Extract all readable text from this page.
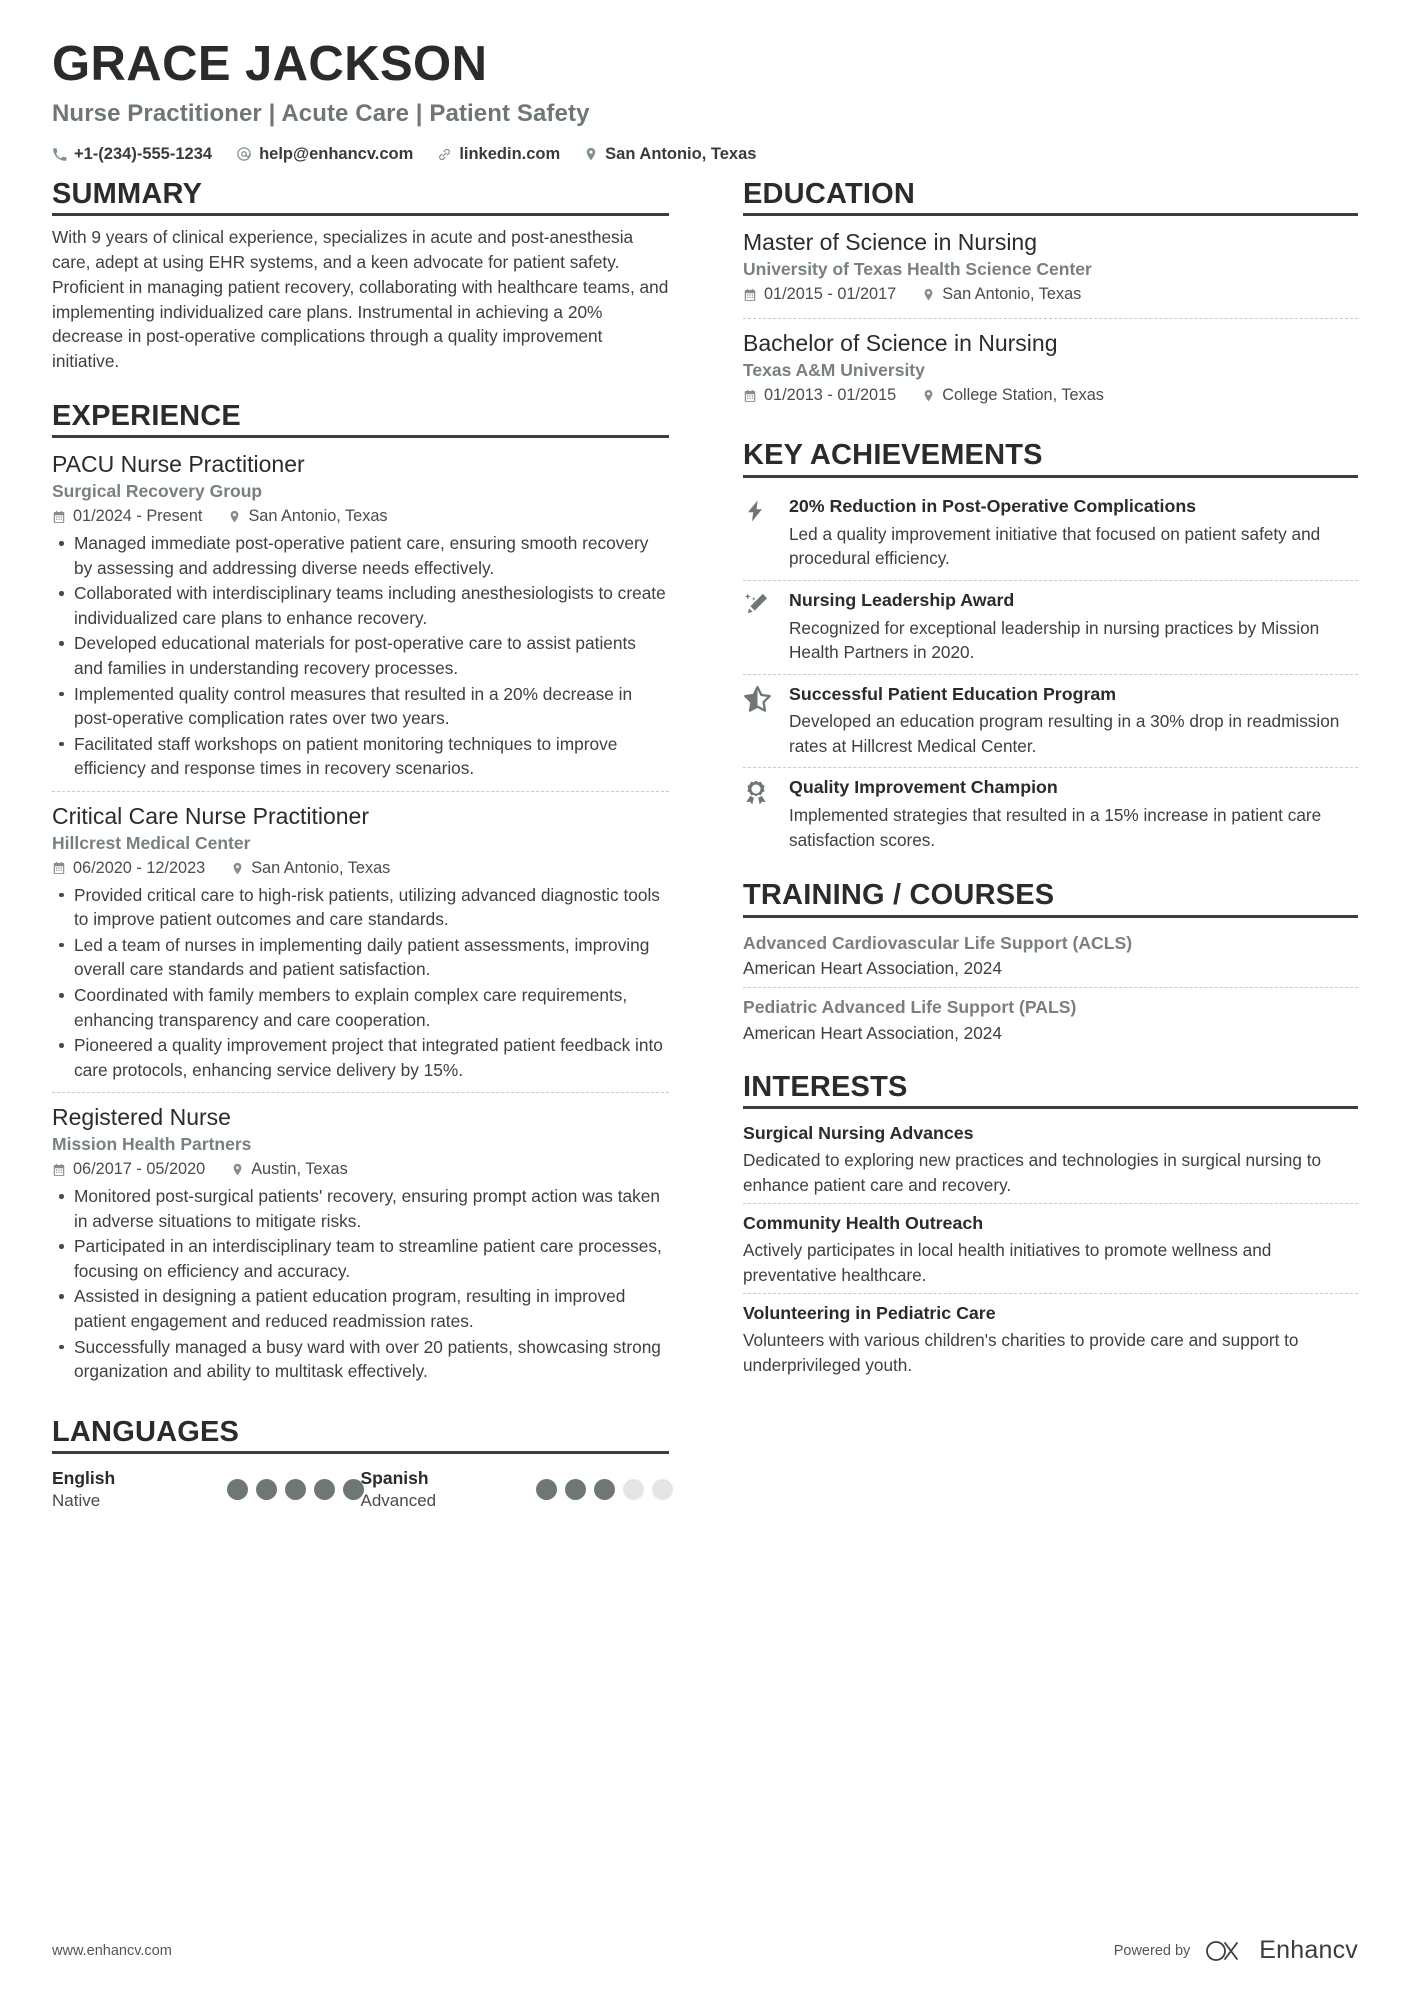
GRACE JACKSON
Nurse Practitioner | Acute Care | Patient Safety
+1-(234)-555-1234	help@enhancv.com	linkedin.com	San Antonio, Texas
SUMMARY
With 9 years of clinical experience, specializes in acute and post-anesthesia care, adept at using EHR systems, and a keen advocate for patient safety. Proficient in managing patient recovery, collaborating with healthcare teams, and implementing individualized care plans. Instrumental in achieving a 20% decrease in post-operative complications through a quality improvement initiative.
EXPERIENCE
PACU Nurse Practitioner
Surgical Recovery Group
01/2024 - Present	San Antonio, Texas
Managed immediate post-operative patient care, ensuring smooth recovery by assessing and addressing diverse needs effectively.
Collaborated with interdisciplinary teams including anesthesiologists to create individualized care plans to enhance recovery.
Developed educational materials for post-operative care to assist patients and families in understanding recovery processes.
Implemented quality control measures that resulted in a 20% decrease in post-operative complication rates over two years.
Facilitated staff workshops on patient monitoring techniques to improve efficiency and response times in recovery scenarios.
Critical Care Nurse Practitioner
Hillcrest Medical Center
06/2020 - 12/2023	San Antonio, Texas
Provided critical care to high-risk patients, utilizing advanced diagnostic tools to improve patient outcomes and care standards.
Led a team of nurses in implementing daily patient assessments, improving overall care standards and patient satisfaction.
Coordinated with family members to explain complex care requirements, enhancing transparency and care cooperation.
Pioneered a quality improvement project that integrated patient feedback into care protocols, enhancing service delivery by 15%.
Registered Nurse
Mission Health Partners
06/2017 - 05/2020	Austin, Texas
Monitored post-surgical patients' recovery, ensuring prompt action was taken in adverse situations to mitigate risks.
Participated in an interdisciplinary team to streamline patient care processes, focusing on efficiency and accuracy.
Assisted in designing a patient education program, resulting in improved patient engagement and reduced readmission rates.
Successfully managed a busy ward with over 20 patients, showcasing strong organization and ability to multitask effectively.
LANGUAGES
English
Native
Spanish
Advanced
EDUCATION
Master of Science in Nursing
University of Texas Health Science Center
01/2015 - 01/2017	San Antonio, Texas
Bachelor of Science in Nursing
Texas A&M University
01/2013 - 01/2015	College Station, Texas
KEY ACHIEVEMENTS
20% Reduction in Post-Operative Complications
Led a quality improvement initiative that focused on patient safety and procedural efficiency.
Nursing Leadership Award
Recognized for exceptional leadership in nursing practices by Mission Health Partners in 2020.
Successful Patient Education Program
Developed an education program resulting in a 30% drop in readmission rates at Hillcrest Medical Center.
Quality Improvement Champion
Implemented strategies that resulted in a 15% increase in patient care satisfaction scores.
TRAINING / COURSES
Advanced Cardiovascular Life Support (ACLS)
American Heart Association, 2024
Pediatric Advanced Life Support (PALS)
American Heart Association, 2024
INTERESTS
Surgical Nursing Advances
Dedicated to exploring new practices and technologies in surgical nursing to enhance patient care and recovery.
Community Health Outreach
Actively participates in local health initiatives to promote wellness and preventative healthcare.
Volunteering in Pediatric Care
Volunteers with various children's charities to provide care and support to underprivileged youth.
www.enhancv.com	Powered by	Enhancv
